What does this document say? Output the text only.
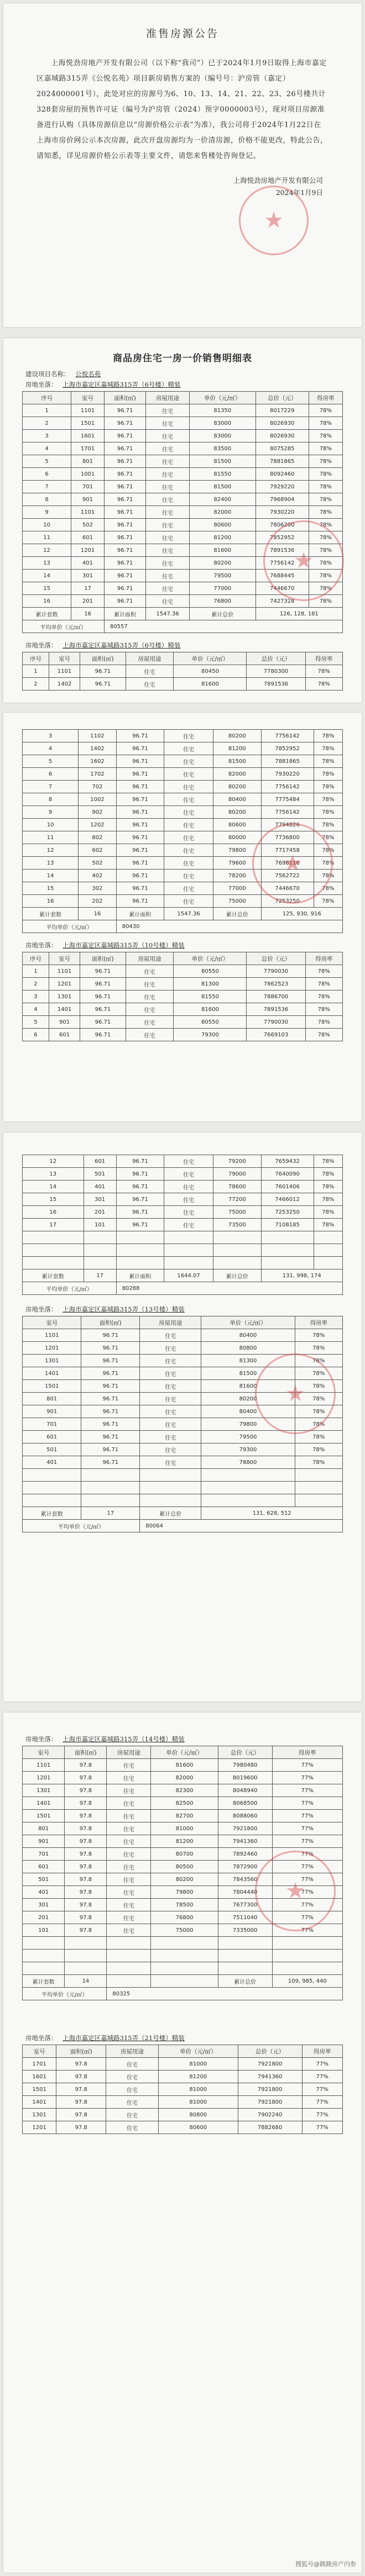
准售房源公告
上海悦劲房地产开发有限公司（以下称“我司”）已于2024年1月9日取得上海市嘉定区嘉城路315弄《公悦名苑》项目新房销售方案的（编号号：沪房管（嘉定）2024000001号），此处对应的房源号为6、10、13、14、21、22、23、26号楼共计328套房屋的预售许可证（编号为沪房管（2024）预字0000003号），现对项目房源准备进行认购（具体房源信息以“房源价格公示表”为准），我公司将于2024年1月22日在上海市房价网公示本次房源，此次开盘房源均为一价清房源，价格不能更改，特此公告，请知悉，详见房源价格公示表等主要文件，请您来售楼处咨询登记。
上海悦劲房地产开发有限公司
2024年1月9日
★
商品房住宅一房一价销售明细表
建设项目名称： 公悦名苑
房地坐落： 上海市嘉定区嘉城路315弄（6号楼）精装
序号	室号	面积(㎡)	房屋用途	单价（元/㎡）	总价（元）	得房率
1	1101	96.71	住宅	81350	8017229	78%
2	1501	96.71	住宅	83000	8026930	78%
3	1601	96.71	住宅	83000	8026930	78%
4	1701	96.71	住宅	83500	8075285	78%
5	801	96.71	住宅	81500	7881865	78%
6	1001	96.71	住宅	81550	8092460	78%
7	701	96.71	住宅	81500	7929220	78%
8	901	96.71	住宅	82400	7968904	78%
9	1101	96.71	住宅	82000	7930220	78%
10	502	96.71	住宅	80600	7806200	78%
11	601	96.71	住宅	81200	7852952	78%
12	1201	96.71	住宅	81600	7891536	78%
13	401	96.71	住宅	80200	7756142	78%
14	301	96.71	住宅	79500	7688445	78%
15	17	96.71	住宅	77000	7446670	78%
16	201	96.71	住宅	76800	7427328	78%
累计套数	16	累计面积	1547.36	累计总价	126, 128, 181	
平均单价（元/㎡）		80557				
房地坐落： 上海市嘉定区嘉城路315弄（6号楼）精装
序号	室号	面积(㎡)	房屋用途	单价（元/㎡）	总价（元）	得房率
1	1101	96.71	住宅	80450	7780300	78%
2	1402	96.71	住宅	81600	7891536	78%
★
3	1102	96.71	住宅	80200	7756142	78%
4	1402	96.71	住宅	81200	7852952	78%
5	1602	96.71	住宅	81500	7881865	78%
6	1702	96.71	住宅	82000	7930220	78%
7	702	96.71	住宅	80200	7756142	78%
8	1002	96.71	住宅	80400	7775484	78%
9	902	96.71	住宅	80200	7756142	78%
10	1202	96.71	住宅	80600	7794826	78%
11	802	96.71	住宅	80000	7736800	78%
12	602	96.71	住宅	79800	7717458	78%
13	502	96.71	住宅	79600	7698116	78%
14	402	96.71	住宅	78200	7562722	78%
15	302	96.71	住宅	77000	7446670	78%
16	202	96.71	住宅	75000	7253250	78%
累计套数	16	累计面积	1547.36	累计总价	125, 930, 916	
平均单价（元/㎡）		80430				
房地坐落： 上海市嘉定区嘉城路315弄（10号楼）精装
序号	室号	面积(㎡)	房屋用途	单价（元/㎡）	总价（元）	得房率
1	1101	96.71	住宅	80550	7790030	78%
2	1201	96.71	住宅	81300	7862523	78%
3	1301	96.71	住宅	81550	7886700	78%
4	1401	96.71	住宅	81600	7891536	78%
5	901	96.71	住宅	80550	7790030	78%
6	601	96.71	住宅	79300	7669103	78%
★
12	601	96.71	住宅	79200	7659432	78%
13	501	96.71	住宅	79000	7640090	78%
14	401	96.71	住宅	78600	7601406	78%
15	301	96.71	住宅	77200	7466012	78%
16	201	96.71	住宅	75000	7253250	78%
17	101	96.71	住宅	73500	7108185	78%

累计套数	17	累计面积	1644.07	累计总价	131, 998, 174	
平均单价（元/㎡）		80288				
房地坐落： 上海市嘉定区嘉城路315弄（13号楼）精装
室号	面积(㎡)	房屋用途	单价（元/㎡）	得房率
1101	96.71	住宅	80400	78%
1201	96.71	住宅	80800	78%
1301	96.71	住宅	81300	78%
1401	96.71	住宅	81500	78%
1501	96.71	住宅	81600	78%
801	96.71	住宅	80200	78%
901	96.71	住宅	80400	78%
701	96.71	住宅	79800	78%
601	96.71	住宅	79500	78%
501	96.71	住宅	79300	78%
401	96.71	住宅	78800	78%

累计套数	17	累计总价	131, 628, 512	
平均单价（元/㎡）		80064		
★
房地坐落： 上海市嘉定区嘉城路315弄（14号楼）精装
室号	面积(㎡)	房屋用途	单价（元/㎡）	总价（元）	得房率
1101	97.8	住宅	81600	7980480	77%
1201	97.8	住宅	82000	8019600	77%
1301	97.8	住宅	82300	8048940	77%
1401	97.8	住宅	82500	8068500	77%
1501	97.8	住宅	82700	8088060	77%
801	97.8	住宅	81000	7921800	77%
901	97.8	住宅	81200	7941360	77%
701	97.8	住宅	80700	7892460	77%
601	97.8	住宅	80500	7872900	77%
501	97.8	住宅	80200	7843560	77%
401	97.8	住宅	79800	7804440	77%
301	97.8	住宅	78500	7677300	77%
201	97.8	住宅	76800	7511040	77%
101	97.8	住宅	75000	7335000	77%

累计套数	14			累计总价	109, 985, 440
平均单价（元/㎡）		80325			
房地坐落： 上海市嘉定区嘉城路315弄（21号楼）精装
室号	面积(㎡)	房屋用途	单价（元/㎡）	总价（元）	得房率
1701	97.8	住宅	81000	7921800	77%
1601	97.8	住宅	81200	7941360	77%
1501	97.8	住宅	81000	7921800	77%
1401	97.8	住宅	81000	7921800	77%
1301	97.8	住宅	80800	7902240	77%
1201	97.8	住宅	80600	7882680	77%
★
搜狐号@跳跳房产内参
